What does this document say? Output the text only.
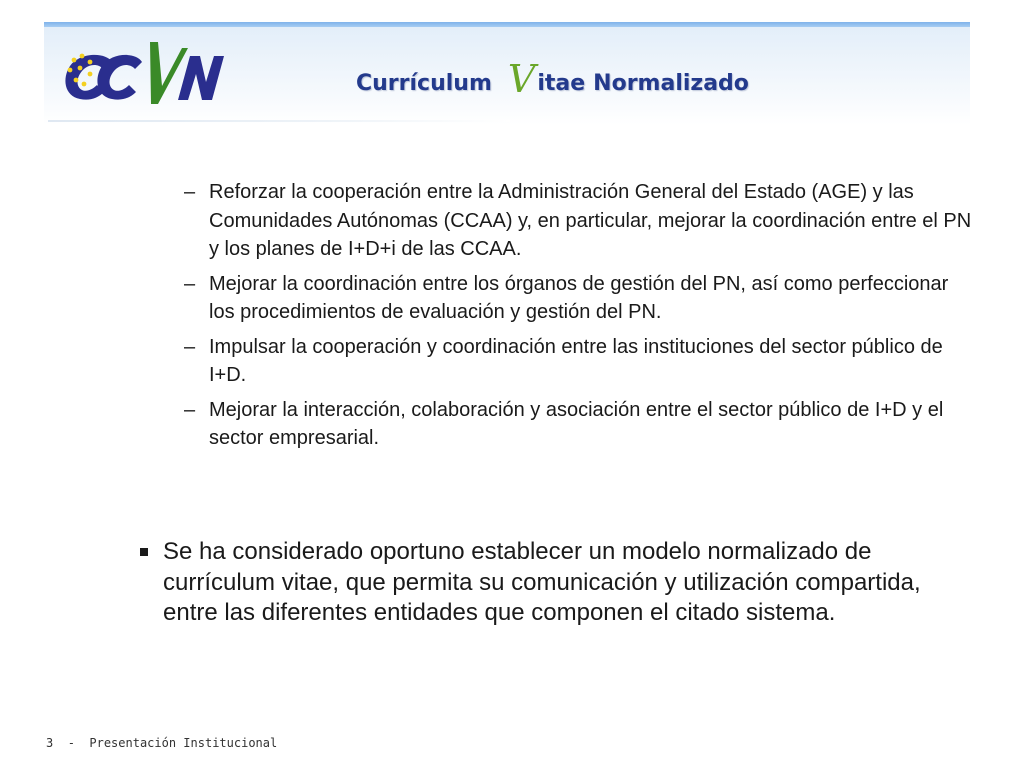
Currículum V itae Normalizado
– Reforzar la cooperación entre la Administración General del Estado (AGE) y las Comunidades Autónomas (CCAA) y, en particular, mejorar la coordinación entre el PN y los planes de I+D+i de las CCAA.
– Mejorar la coordinación entre los órganos de gestión del PN, así como perfeccionar los procedimientos de evaluación y gestión del PN.
– Impulsar la cooperación y coordinación entre las instituciones del sector público de I+D.
– Mejorar la interacción, colaboración y asociación entre el sector público de I+D y el sector empresarial.
Se ha considerado oportuno establecer un modelo normalizado de currículum vitae, que permita su comunicación y utilización compartida, entre las diferentes entidades que componen el citado sistema.
3 - Presentación Institucional
